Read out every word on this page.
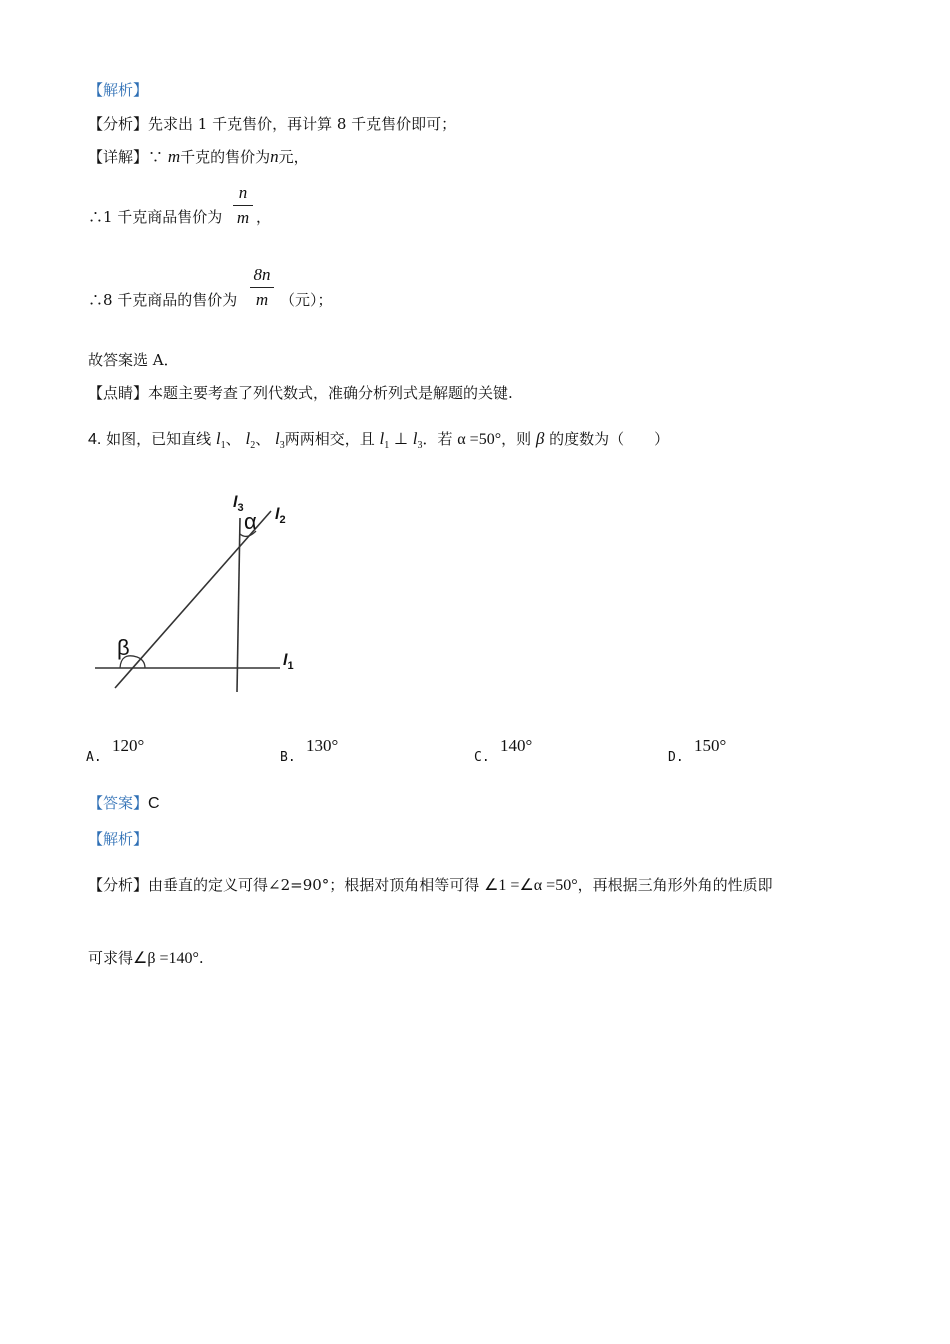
【解析】
【分析】先求出 1 千克售价，再计算 8 千克售价即可；
【详解】∵ m千克的售价为n元，
∴1 千克商品售价为
n
m ，
∴8 千克商品的售价为
8n
m （元）；
故答案选 A．
【点睛】本题主要考查了列代数式，准确分析列式是解题的关键.
4. 如图，已知直线 $l_1$、 $l_2$、 $l_3$两两相交，且 $l_1$ ⊥ $l_3$．若 α =50°，则 β 的度数为（　　）
α
β
$l_3$ $l_2$
$l_1$
A.
120°
B.
130°
C.
140°
D.
150°
【答案】C
【解析】
【分析】由垂直的定义可得∠2=90°；根据对顶角相等可得 ∠1 =∠α =50°，再根据三角形外角的性质即
可求得∠β =140°.
